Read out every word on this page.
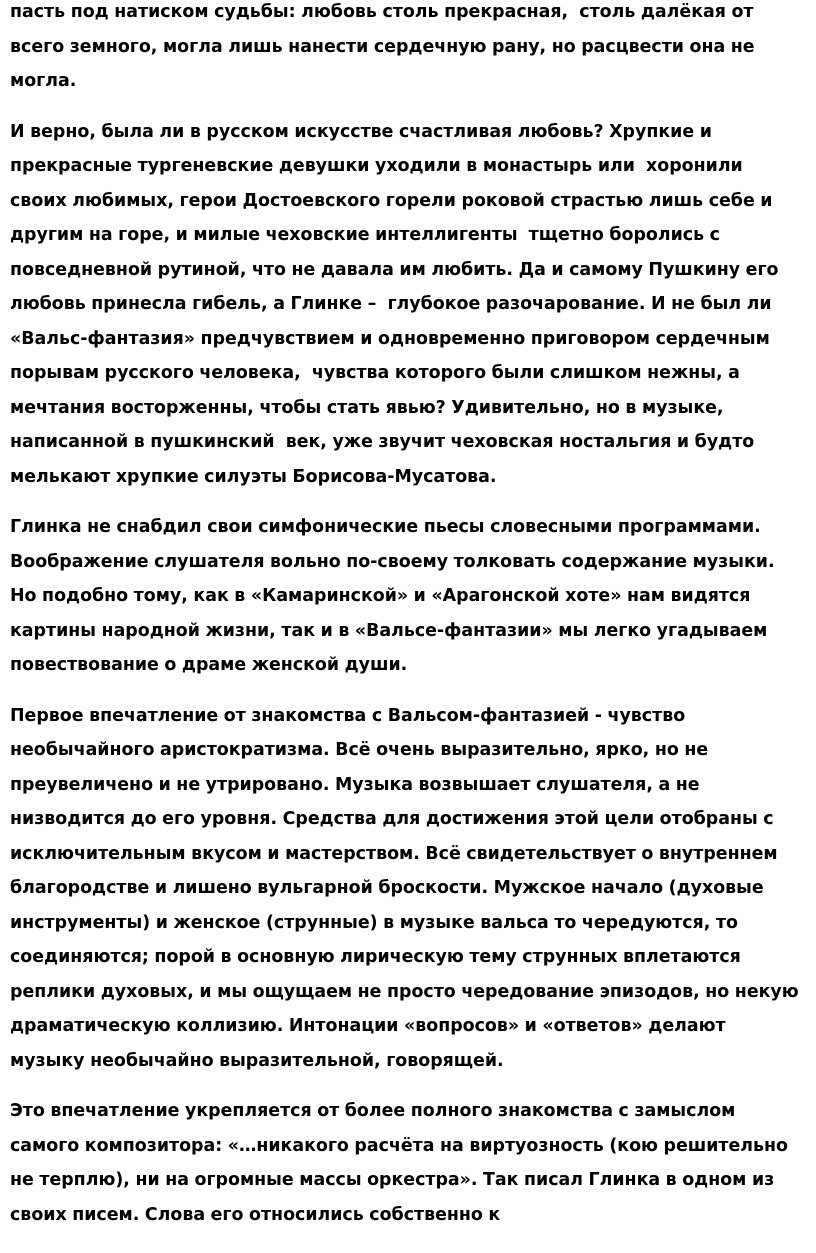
пасть под натиском судьбы: любовь столь прекрасная,  столь далёкая от всего земного, могла лишь нанести сердечную рану, но расцвести она не могла.

И верно, была ли в русском искусстве счастливая любовь? Хрупкие и прекрасные тургеневские девушки уходили в монастырь или  хоронили своих любимых, герои Достоевского горели роковой страстью лишь себе и другим на горе, и милые чеховские интеллигенты  тщетно боролись с повседневной рутиной, что не давала им любить. Да и самому Пушкину его любовь принесла гибель, а Глинке –  глубокое разочарование. И не был ли «Вальс-фантазия» предчувствием и одновременно приговором сердечным порывам русского человека,  чувства которого были слишком нежны, а мечтания восторженны, чтобы стать явью? Удивительно, но в музыке, написанной в пушкинский  век, уже звучит чеховская ностальгия и будто мелькают хрупкие силуэты Борисова-Мусатова.

Глинка не снабдил свои симфонические пьесы словесными программами. Воображение слушателя вольно по-своему толковать содержание музыки. Но подобно тому, как в «Камаринской» и «Арагонской хоте» нам видятся картины народной жизни, так и в «Вальсе-фантазии» мы легко угадываем повествование о драме женской души.

Первое впечатление от знакомства с Вальсом-фантазией - чувство необычайного аристократизма. Всё очень выразительно, ярко, но не преувеличено и не утрировано. Музыка возвышает слушателя, а не низводится до его уровня. Средства для достижения этой цели отобраны с исключительным вкусом и мастерством. Всё свидетельствует о внутреннем благородстве и лишено вульгарной броскости. Мужское начало (духовые инструменты) и женское (струнные) в музыке вальса то чередуются, то соединяются; порой в основную лирическую тему струнных вплетаются реплики духовых, и мы ощущаем не просто чередование эпизодов, но некую драматическую коллизию. Интонации «вопросов» и «ответов» делают музыку необычайно выразительной, говорящей.

Это впечатление укрепляется от более полного знакомства с замыслом самого композитора: «…никакого расчёта на виртуозность (кою решительно не терплю), ни на огромные массы оркестра». Так писал Глинка в одном из своих писем. Слова его относились собственно к
